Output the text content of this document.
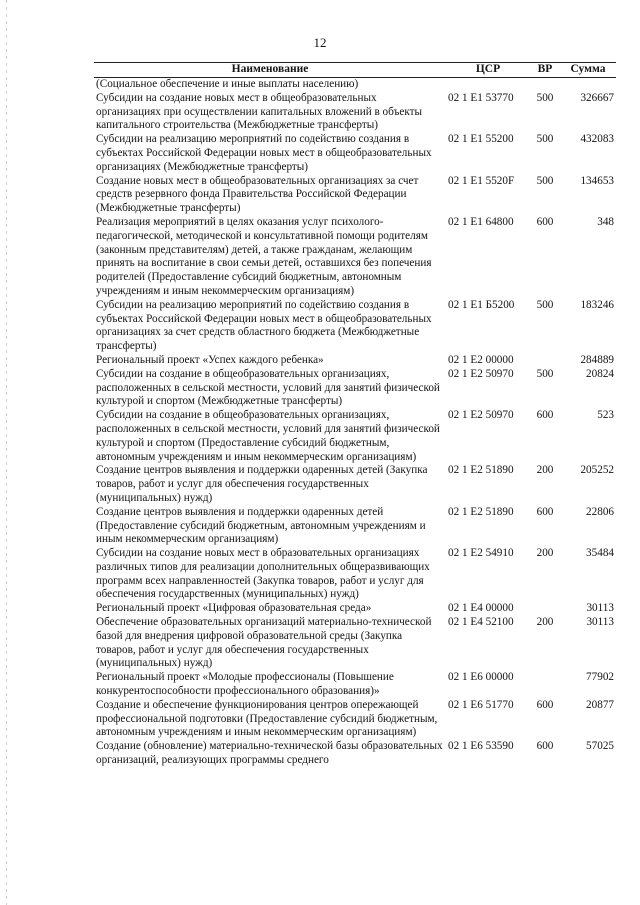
12
Наименование	ЦСР	ВР	Сумма
(Социальное обеспечение и иные выплаты населению)			
Субсидии на создание новых мест в общеобразовательных организациях при осуществлении капитальных вложений в объекты капитального строительства (Межбюджетные трансферты)	02 1 E1 53770	500	326667
Субсидии на реализацию мероприятий по содействию создания в субъектах Российской Федерации новых мест в общеобразовательных организациях (Межбюджетные трансферты)	02 1 E1 55200	500	432083
Создание новых мест в общеобразовательных организациях за счет средств резервного фонда Правительства Российской Федерации (Межбюджетные трансферты)	02 1 E1 5520F	500	134653
Реализация мероприятий в целях оказания услуг психолого-педагогической, методической и консультативной помощи родителям (законным представителям) детей, а также гражданам, желающим принять на воспитание в свои семьи детей, оставшихся без попечения родителей (Предоставление субсидий бюджетным, автономным учреждениям и иным некоммерческим организациям)	02 1 E1 64800	600	348
Субсидии на реализацию мероприятий по содействию создания в субъектах Российской Федерации новых мест в общеобразовательных организациях за счет средств областного бюджета (Межбюджетные трансферты)	02 1 E1 Б5200	500	183246
Региональный проект «Успех каждого ребенка»	02 1 E2 00000		284889
Субсидии на создание в общеобразовательных организациях, расположенных в сельской местности, условий для занятий физической культурой и спортом (Межбюджетные трансферты)	02 1 E2 50970	500	20824
Субсидии на создание в общеобразовательных организациях, расположенных в сельской местности, условий для занятий физической культурой и спортом (Предоставление субсидий бюджетным, автономным учреждениям и иным некоммерческим организациям)	02 1 E2 50970	600	523
Создание центров выявления и поддержки одаренных детей (Закупка товаров, работ и услуг для обеспечения государственных (муниципальных) нужд)	02 1 E2 51890	200	205252
Создание центров выявления и поддержки одаренных детей (Предоставление субсидий бюджетным, автономным учреждениям и иным некоммерческим организациям)	02 1 E2 51890	600	22806
Субсидии на создание новых мест в образовательных организациях различных типов для реализации дополнительных общеразвивающих программ всех направленностей (Закупка товаров, работ и услуг для обеспечения государственных (муниципальных) нужд)	02 1 E2 54910	200	35484
Региональный проект «Цифровая образовательная среда»	02 1 E4 00000		30113
Обеспечение образовательных организаций материально-технической базой для внедрения цифровой образовательной среды (Закупка товаров, работ и услуг для обеспечения государственных (муниципальных) нужд)	02 1 E4 52100	200	30113
Региональный проект «Молодые профессионалы (Повышение конкурентоспособности профессионального образования)»	02 1 E6 00000		77902
Создание и обеспечение функционирования центров опережающей профессиональной подготовки (Предоставление субсидий бюджетным, автономным учреждениям и иным некоммерческим организациям)	02 1 E6 51770	600	20877
Создание (обновление) материально-технической базы образовательных организаций, реализующих программы среднего	02 1 E6 53590	600	57025
